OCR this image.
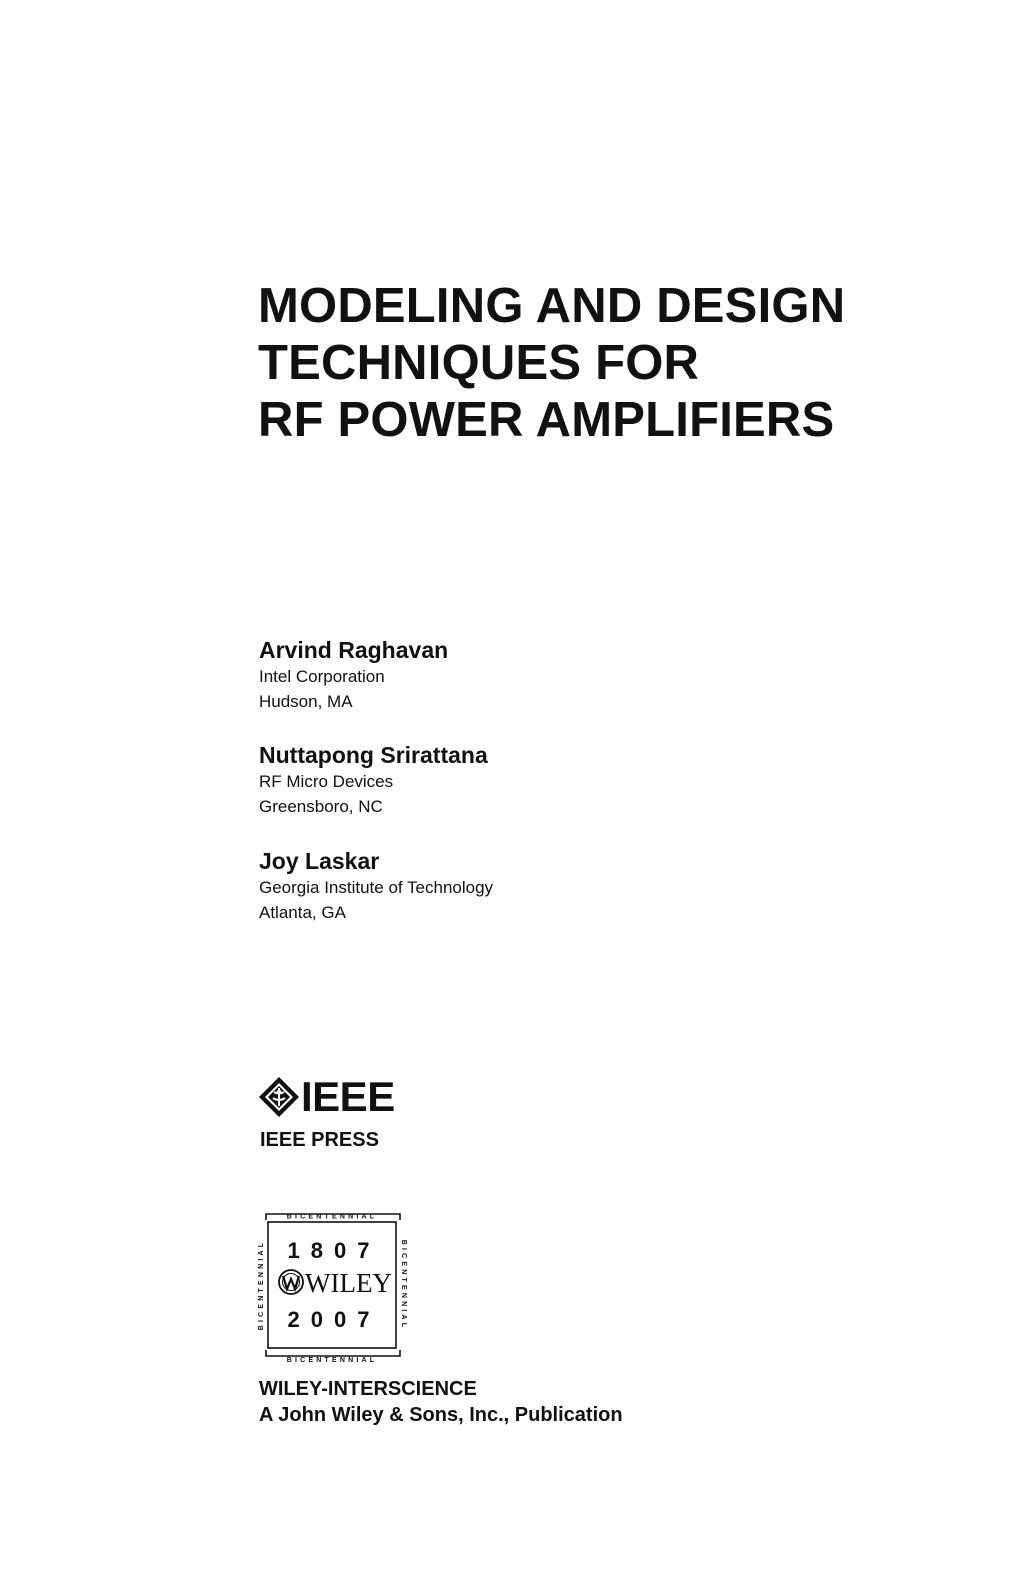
MODELING AND DESIGN
TECHNIQUES FOR
RF POWER AMPLIFIERS
Arvind Raghavan
Intel Corporation
Hudson, MA
Nuttapong Srirattana
RF Micro Devices
Greensboro, NC
Joy Laskar
Georgia Institute of Technology
Atlanta, GA
IEEE
IEEE PRESS
BICENTENNIAL
BICENTENNIAL
BICENTENNIAL	BICENTENNIAL
1807
WILEY
2007
WILEY-INTERSCIENCE
A John Wiley & Sons, Inc., Publication
